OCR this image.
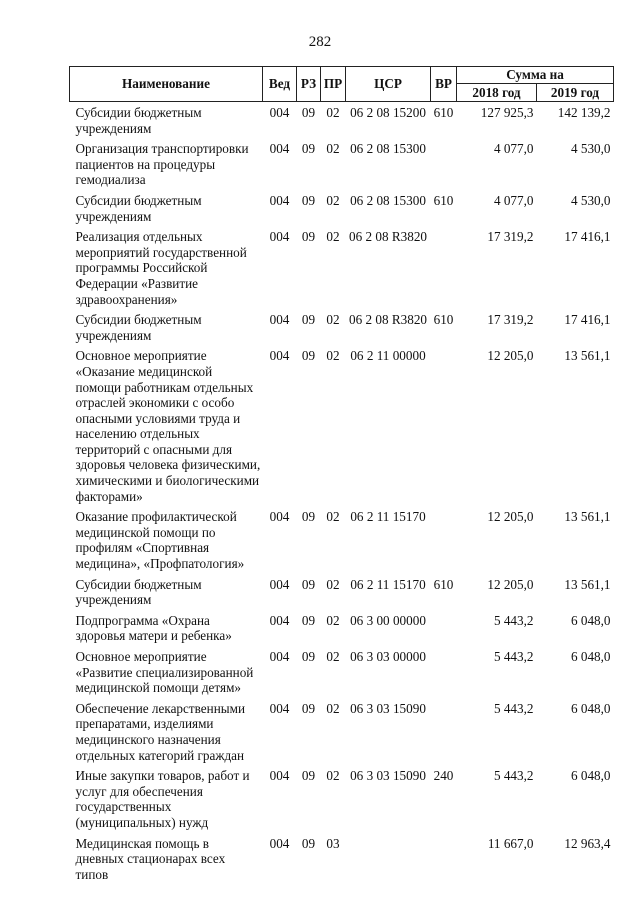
282
Наименование	Вед	РЗ	ПР	ЦСР	ВР	Сумма на	
						2018 год	2019 год
Субсидии бюджетным учреждениям	004	09	02	06 2 08 15200	610	127 925,3	142 139,2
Организация транспортировки пациентов на процедуры гемодиализа	004	09	02	06 2 08 15300		4 077,0	4 530,0
Субсидии бюджетным учреждениям	004	09	02	06 2 08 15300	610	4 077,0	4 530,0
Реализация отдельных мероприятий государственной программы Российской Федерации «Развитие здравоохранения»	004	09	02	06 2 08 R3820		17 319,2	17 416,1
Субсидии бюджетным учреждениям	004	09	02	06 2 08 R3820	610	17 319,2	17 416,1
Основное мероприятие «Оказание медицинской помощи работникам отдельных отраслей экономики с особо опасными условиями труда и населению отдельных территорий с опасными для здоровья человека физическими, химическими и биологическими факторами»	004	09	02	06 2 11 00000		12 205,0	13 561,1
Оказание профилактической медицинской помощи по профилям «Спортивная медицина», «Профпатология»	004	09	02	06 2 11 15170		12 205,0	13 561,1
Субсидии бюджетным учреждениям	004	09	02	06 2 11 15170	610	12 205,0	13 561,1
Подпрограмма «Охрана здоровья матери и ребенка»	004	09	02	06 3 00 00000		5 443,2	6 048,0
Основное мероприятие «Развитие специализированной медицинской помощи детям»	004	09	02	06 3 03 00000		5 443,2	6 048,0
Обеспечение лекарственными препаратами, изделиями медицинского назначения отдельных категорий граждан	004	09	02	06 3 03 15090		5 443,2	6 048,0
Иные закупки товаров, работ и услуг для обеспечения государственных (муниципальных) нужд	004	09	02	06 3 03 15090	240	5 443,2	6 048,0
Медицинская помощь в дневных стационарах всех типов	004	09	03			11 667,0	12 963,4
